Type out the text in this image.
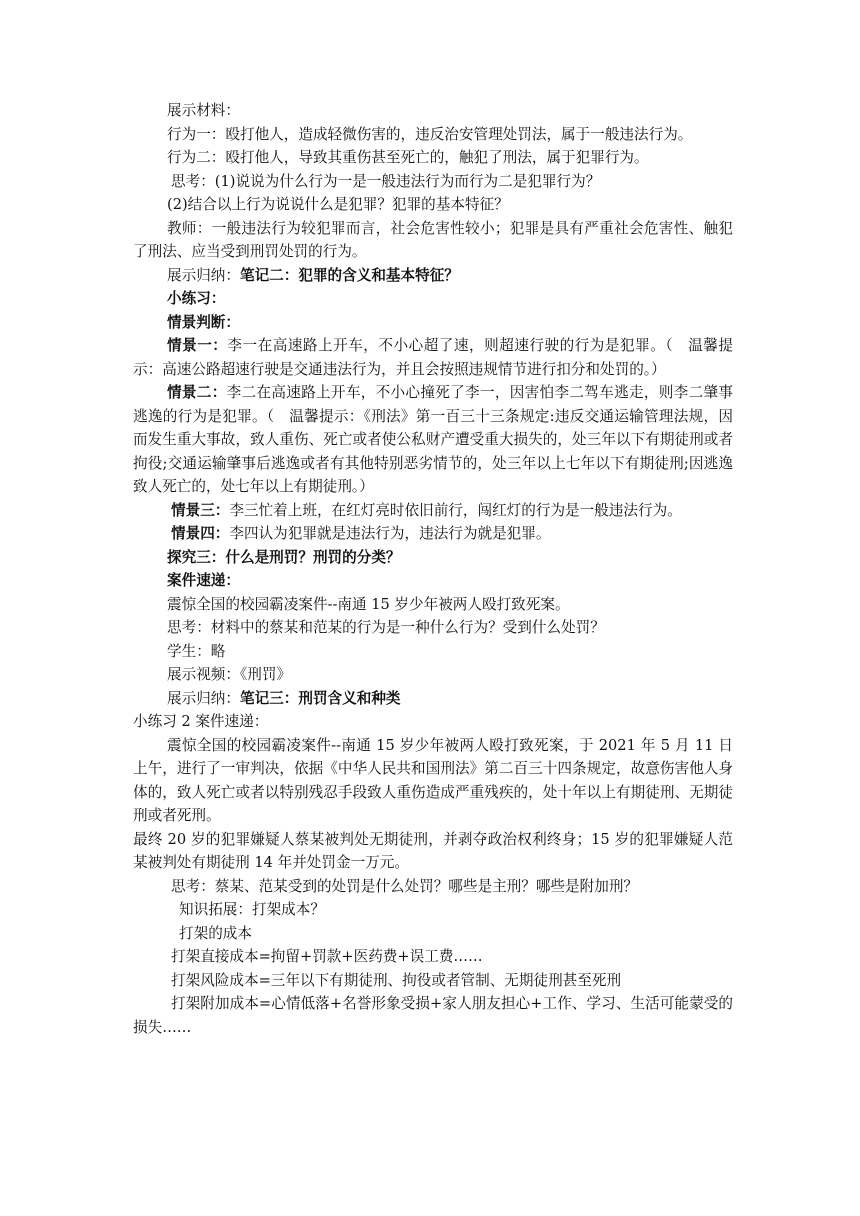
展示材料：

行为一：殴打他人，造成轻微伤害的，违反治安管理处罚法，属于一般违法行为。

行为二：殴打他人，导致其重伤甚至死亡的，触犯了刑法，属于犯罪行为。

思考：(1)说说为什么行为一是一般违法行为而行为二是犯罪行为？

(2)结合以上行为说说什么是犯罪？犯罪的基本特征？

教师：一般违法行为较犯罪而言，社会危害性较小；犯罪是具有严重社会危害性、触犯了刑法、应当受到刑罚处罚的行为。

展示归纳：笔记二：犯罪的含义和基本特征？

小练习：

情景判断：

情景一：李一在高速路上开车，不小心超了速，则超速行驶的行为是犯罪。（　温馨提示：高速公路超速行驶是交通违法行为，并且会按照违规情节进行扣分和处罚的。）

情景二：李二在高速路上开车，不小心撞死了李一，因害怕李二驾车逃走，则李二肇事逃逸的行为是犯罪。（　温馨提示：《刑法》第一百三十三条规定:违反交通运输管理法规，因而发生重大事故，致人重伤、死亡或者使公私财产遭受重大损失的，处三年以下有期徒刑或者拘役;交通运输肇事后逃逸或者有其他特别恶劣情节的，处三年以上七年以下有期徒刑;因逃逸致人死亡的，处七年以上有期徒刑。）

情景三：李三忙着上班，在红灯亮时依旧前行，闯红灯的行为是一般违法行为。

情景四：李四认为犯罪就是违法行为，违法行为就是犯罪。

探究三：什么是刑罚？刑罚的分类？

案件速递：

震惊全国的校园霸凌案件--南通 15 岁少年被两人殴打致死案。

思考：材料中的蔡某和范某的行为是一种什么行为？受到什么处罚？

学生：略

展示视频：《刑罚》

展示归纳：笔记三：刑罚含义和种类

小练习 2 案件速递：

震惊全国的校园霸凌案件--南通 15 岁少年被两人殴打致死案，于 2021 年 5 月 11 日上午，进行了一审判决，依据《中华人民共和国刑法》第二百三十四条规定，故意伤害他人身体的，致人死亡或者以特别残忍手段致人重伤造成严重残疾的，处十年以上有期徒刑、无期徒刑或者死刑。

最终 20 岁的犯罪嫌疑人蔡某被判处无期徒刑，并剥夺政治权利终身；15 岁的犯罪嫌疑人范某被判处有期徒刑 14 年并处罚金一万元。

思考：蔡某、范某受到的处罚是什么处罚？哪些是主刑？哪些是附加刑？

知识拓展：打架成本？

打架的成本

打架直接成本=拘留+罚款+医药费+误工费……

打架风险成本=三年以下有期徒刑、拘役或者管制、无期徒刑甚至死刑

打架附加成本=心情低落+名誉形象受损+家人朋友担心+工作、学习、生活可能蒙受的损失……
